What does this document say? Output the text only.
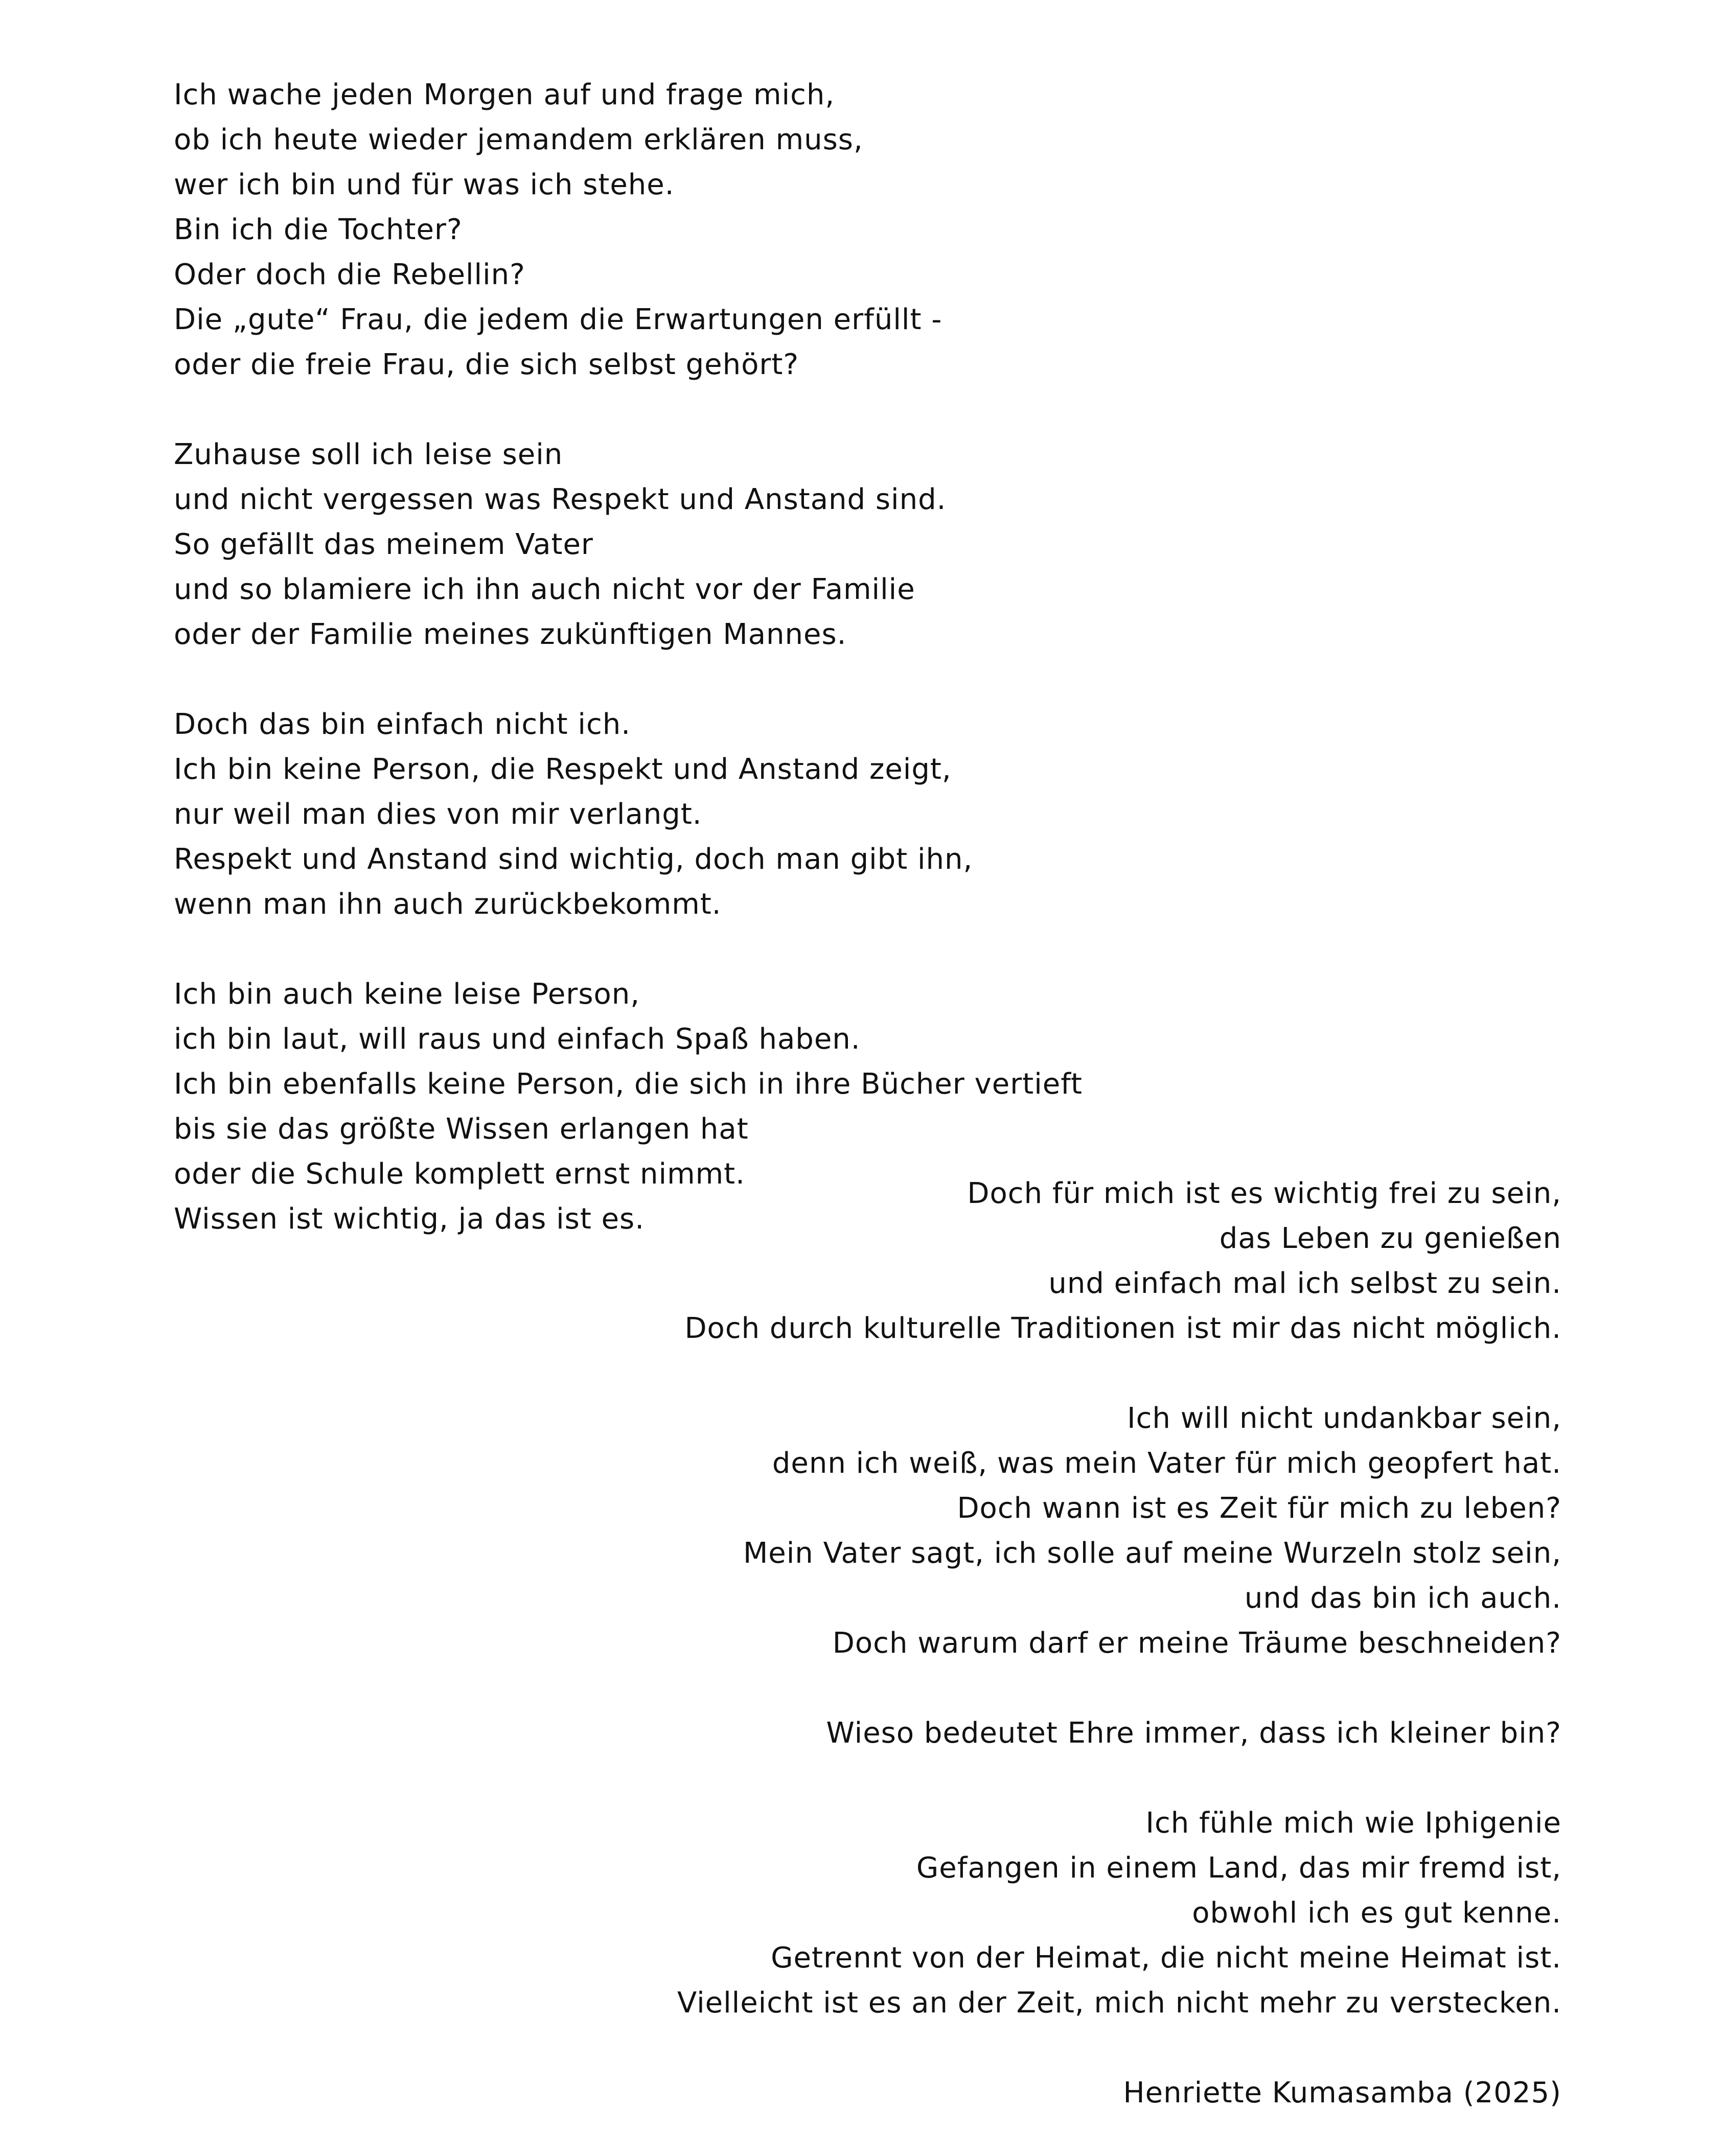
Ich wache jeden Morgen auf und frage mich,
ob ich heute wieder jemandem erklären muss,
wer ich bin und für was ich stehe.
Bin ich die Tochter?
Oder doch die Rebellin?
Die „gute“ Frau, die jedem die Erwartungen erfüllt -
oder die freie Frau, die sich selbst gehört?
Zuhause soll ich leise sein
und nicht vergessen was Respekt und Anstand sind.
So gefällt das meinem Vater
und so blamiere ich ihn auch nicht vor der Familie
oder der Familie meines zukünftigen Mannes.
Doch das bin einfach nicht ich.
Ich bin keine Person, die Respekt und Anstand zeigt,
nur weil man dies von mir verlangt.
Respekt und Anstand sind wichtig, doch man gibt ihn,
wenn man ihn auch zurückbekommt.
Ich bin auch keine leise Person,
ich bin laut, will raus und einfach Spaß haben.
Ich bin ebenfalls keine Person, die sich in ihre Bücher vertieft
bis sie das größte Wissen erlangen hat
oder die Schule komplett ernst nimmt.
Wissen ist wichtig, ja das ist es.
Doch für mich ist es wichtig frei zu sein,
das Leben zu genießen
und einfach mal ich selbst zu sein.
Doch durch kulturelle Traditionen ist mir das nicht möglich.
Ich will nicht undankbar sein,
denn ich weiß, was mein Vater für mich geopfert hat.
Doch wann ist es Zeit für mich zu leben?
Mein Vater sagt, ich solle auf meine Wurzeln stolz sein,
und das bin ich auch.
Doch warum darf er meine Träume beschneiden?
Wieso bedeutet Ehre immer, dass ich kleiner bin?
Ich fühle mich wie Iphigenie
Gefangen in einem Land, das mir fremd ist,
obwohl ich es gut kenne.
Getrennt von der Heimat, die nicht meine Heimat ist.
Vielleicht ist es an der Zeit, mich nicht mehr zu verstecken.
Henriette Kumasamba (2025)
